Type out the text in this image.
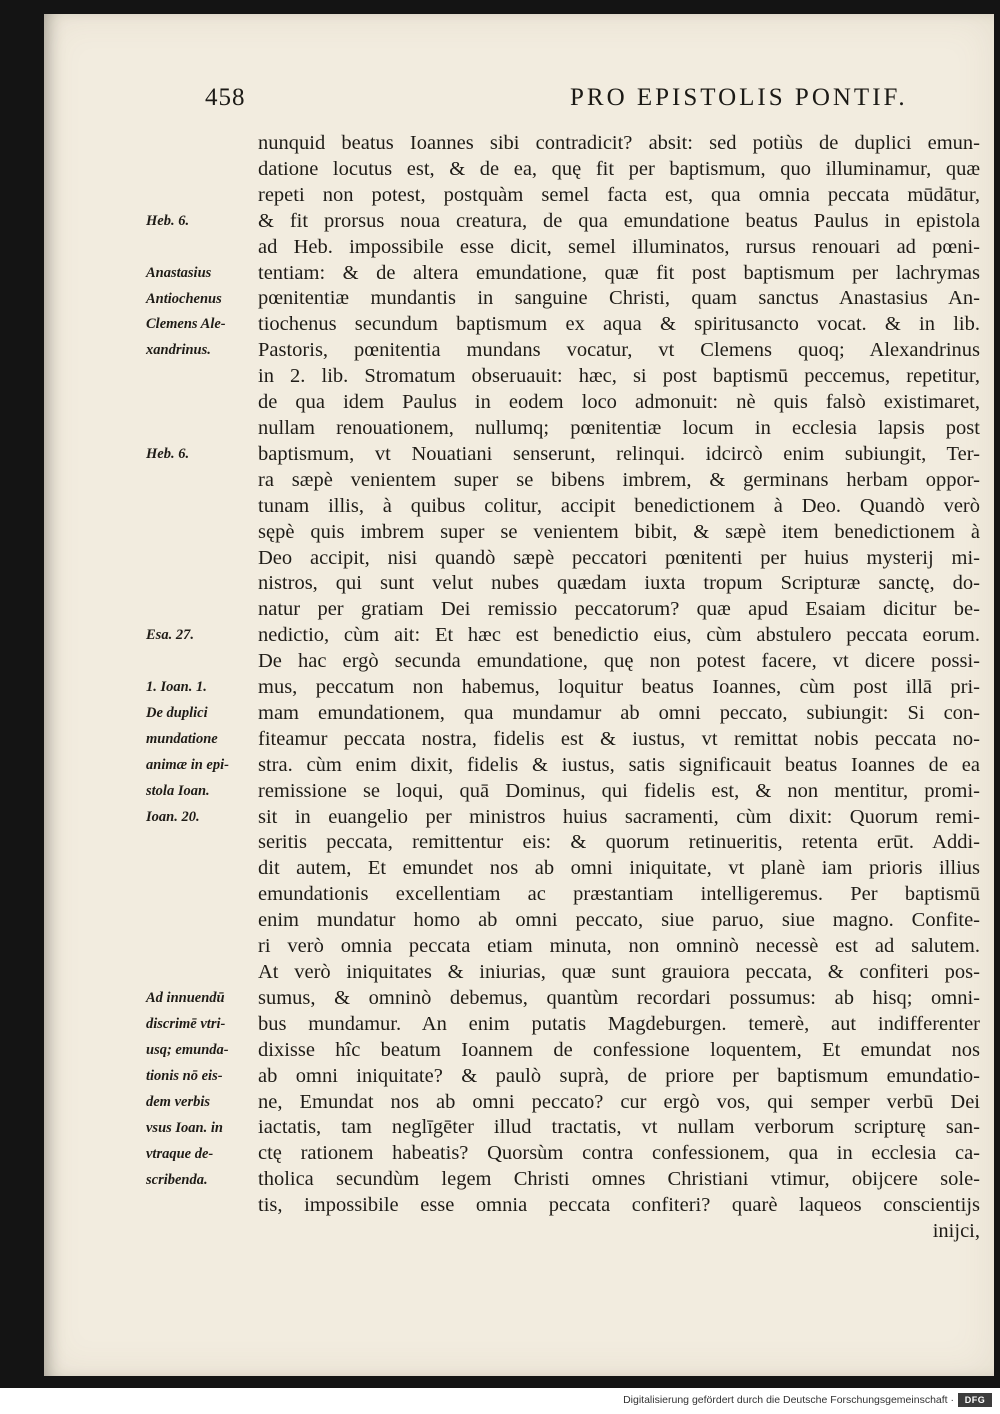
458	PRO EPISTOLIS PONTIF.
nunquid beatus Ioannes sibi contradicit? absit: sed potiùs de duplici emun-
datione locutus est, & de ea, quę fit per baptismum, quo illuminamur, quæ
repeti non potest, postquàm semel facta est, qua omnia peccata mūdātur,
& fit prorsus noua creatura, de qua emundatione beatus Paulus in epistola
ad Heb. impossibile esse dicit, semel illuminatos, rursus renouari ad pœni-
tentiam: & de altera emundatione, quæ fit post baptismum per lachrymas
pœnitentiæ mundantis in sanguine Christi, quam sanctus Anastasius An-
tiochenus secundum baptismum ex aqua & spiritusancto vocat. & in lib.
Pastoris, pœnitentia mundans vocatur, vt Clemens quoq; Alexandrinus
in 2. lib. Stromatum obseruauit: hæc, si post baptismū peccemus, repetitur,
de qua idem Paulus in eodem loco admonuit: nè quis falsò existimaret,
nullam renouationem, nullumq; pœnitentiæ locum in ecclesia lapsis post
baptismum, vt Nouatiani senserunt, relinqui. idcircò enim subiungit, Ter-
ra sæpè venientem super se bibens imbrem, & germinans herbam oppor-
tunam illis, à quibus colitur, accipit benedictionem à Deo. Quandò verò
sępè quis imbrem super se venientem bibit, & sæpè item benedictionem à
Deo accipit, nisi quandò sæpè peccatori pœnitenti per huius mysterij mi-
nistros, qui sunt velut nubes quædam iuxta tropum Scripturæ sanctę, do-
natur per gratiam Dei remissio peccatorum? quæ apud Esaiam dicitur be-
nedictio, cùm ait: Et hæc est benedictio eius, cùm abstulero peccata eorum.
De hac ergò secunda emundatione, quę non potest facere, vt dicere possi-
mus, peccatum non habemus, loquitur beatus Ioannes, cùm post illā pri-
mam emundationem, qua mundamur ab omni peccato, subiungit: Si con-
fiteamur peccata nostra, fidelis est & iustus, vt remittat nobis peccata no-
stra. cùm enim dixit, fidelis & iustus, satis significauit beatus Ioannes de ea
remissione se loqui, quā Dominus, qui fidelis est, & non mentitur, promi-
sit in euangelio per ministros huius sacramenti, cùm dixit: Quorum remi-
seritis peccata, remittentur eis: & quorum retinueritis, retenta erūt. Addi-
dit autem, Et emundet nos ab omni iniquitate, vt planè iam prioris illius
emundationis excellentiam ac præstantiam intelligeremus. Per baptismū
enim mundatur homo ab omni peccato, siue paruo, siue magno. Confite-
ri verò omnia peccata etiam minuta, non omninò necessè est ad salutem.
At verò iniquitates & iniurias, quæ sunt grauiora peccata, & confiteri pos-
sumus, & omninò debemus, quantùm recordari possumus: ab hisq; omni-
bus mundamur. An enim putatis Magdeburgen. temerè, aut indifferenter
dixisse hîc beatum Ioannem de confessione loquentem, Et emundat nos
ab omni iniquitate? & paulò suprà, de priore per baptismum emundatio-
ne, Emundat nos ab omni peccato? cur ergò vos, qui semper verbū Dei
iactatis, tam neglīgēter illud tractatis, vt nullam verborum scripturę san-
ctę rationem habeatis? Quorsùm contra confessionem, qua in ecclesia ca-
tholica secundùm legem Christi omnes Christiani vtimur, obijcere sole-
tis, impossibile esse omnia peccata confiteri? quarè laqueos conscientijs
inijci,
Heb. 6.
Anastasius
Antiochenus
Clemens Ale-
xandrinus.
Heb. 6.
Esa. 27.
1. Ioan. 1.
De duplici
mundatione
animæ in epi-
stola Ioan.
Ioan. 20.
Ad innuendū
discrimē vtri-
usq; emunda-
tionis nō eis-
dem verbis
vsus Ioan. in
vtraque de-
scribenda.
Digitalisierung gefördert durch die Deutsche Forschungsgemeinschaft ·	DFG
